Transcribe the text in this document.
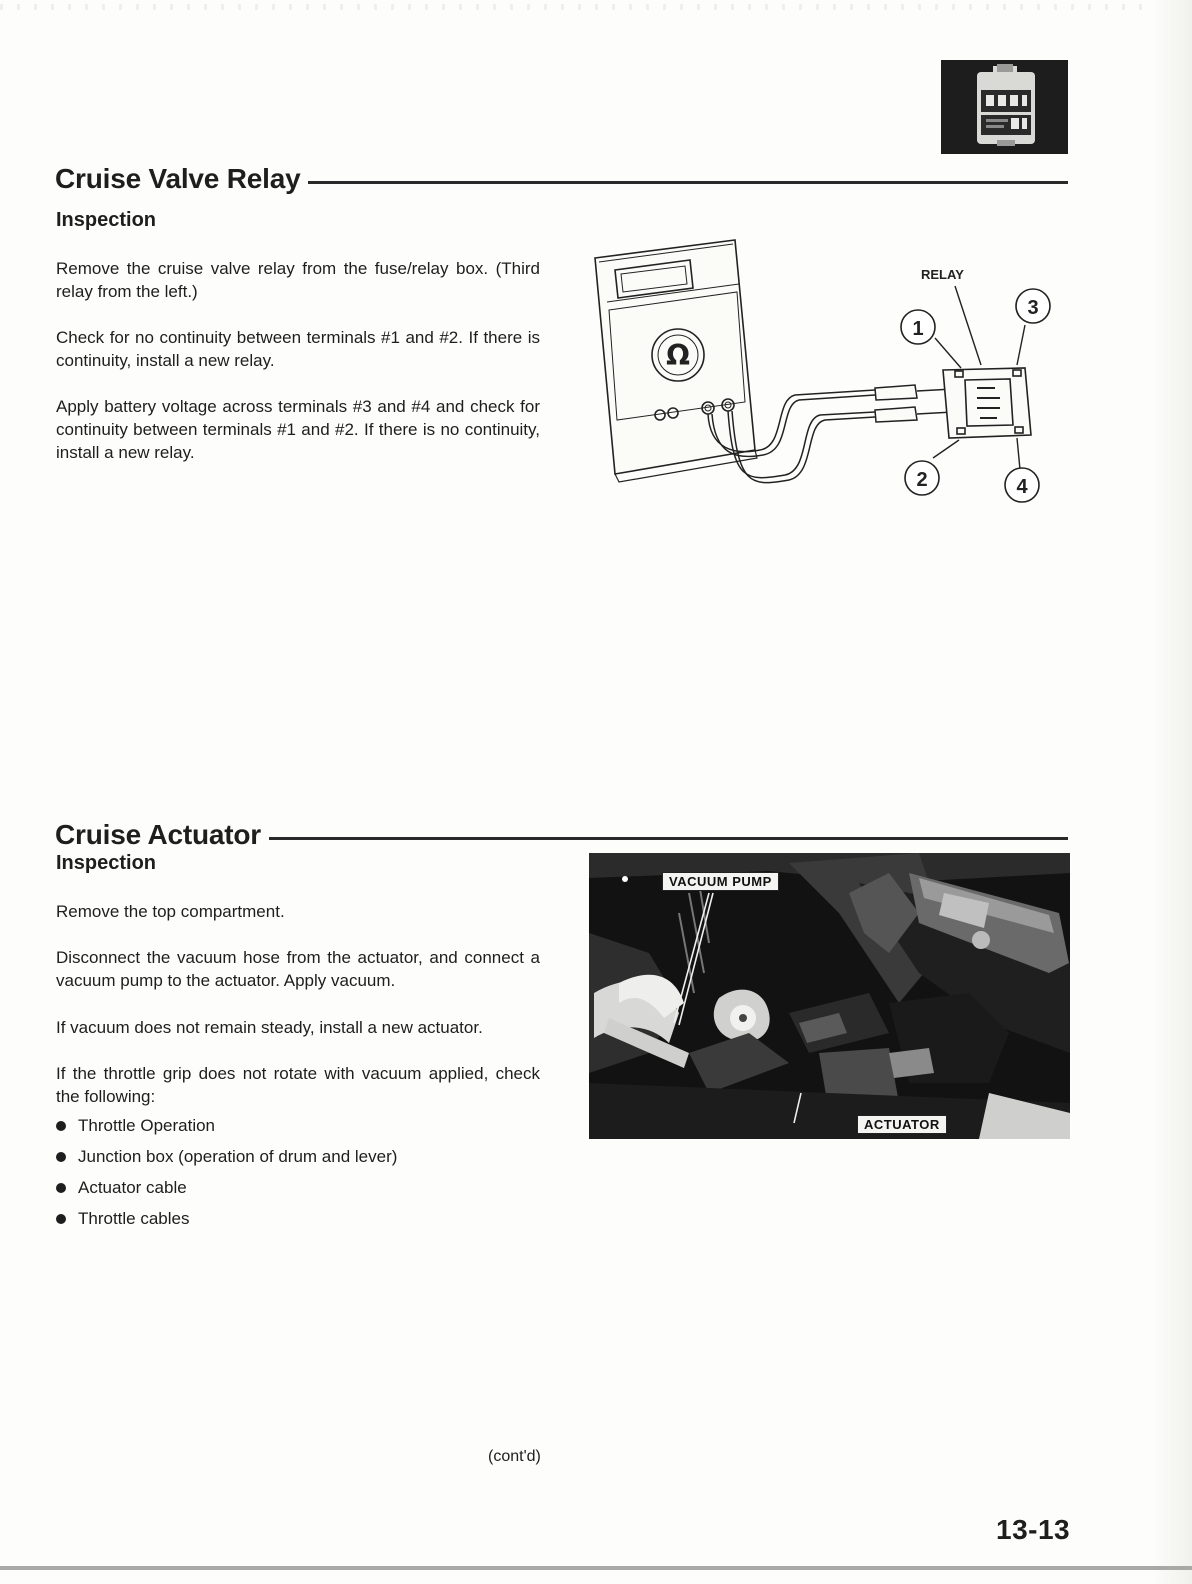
Cruise Valve Relay
Inspection

Remove the cruise valve relay from the fuse/relay box. (Third relay from the left.)

Check for no continuity between terminals #1 and #2. If there is continuity, install a new relay.

Apply battery voltage across terminals #3 and #4 and check for continuity between terminals #1 and #2. If there is no continuity, install a new relay.

Ω
RELAY
1
3
2	4
Cruise Actuator
Inspection

Remove the top compartment.

Disconnect the vacuum hose from the actuator, and connect a vacuum pump to the actuator. Apply vacuum.

If vacuum does not remain steady, install a new actuator.

If the throttle grip does not rotate with vacuum applied, check the following:

Throttle Operation
Junction box (operation of drum and lever)
Actuator cable
Throttle cables
VACUUM PUMP
ACTUATOR
(cont'd)
13-13
